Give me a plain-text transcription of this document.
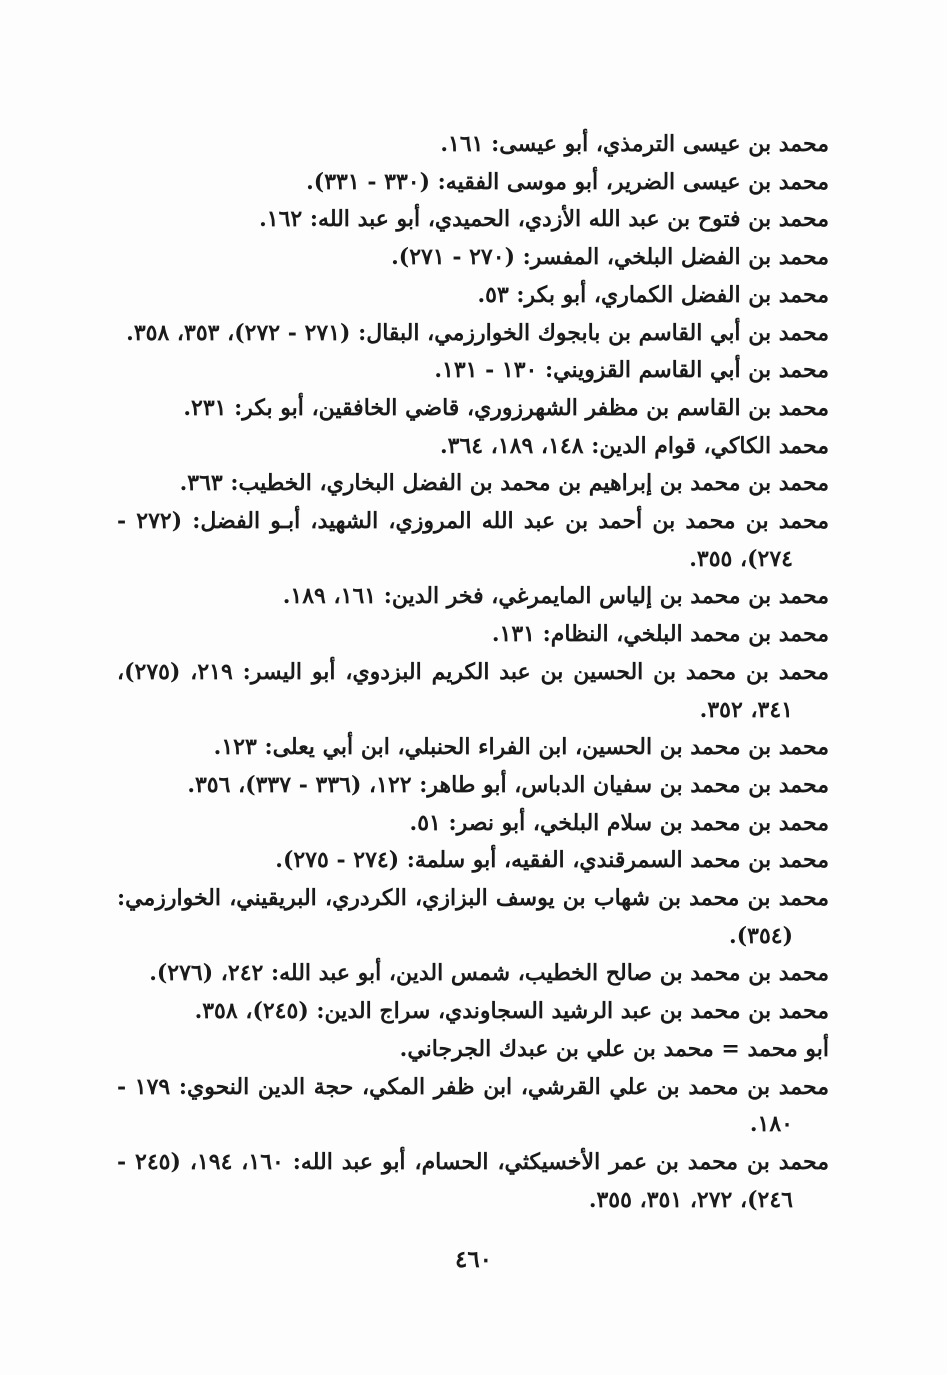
محمد بن عيسى الترمذي، أبو عيسى: ١٦١.

محمد بن عيسى الضرير، أبو موسى الفقيه: (٣٣٠ - ٣٣١).

محمد بن فتوح بن عبد الله الأزدي، الحميدي، أبو عبد الله: ١٦٢.

محمد بن الفضل البلخي، المفسر: (٢٧٠ - ٢٧١).

محمد بن الفضل الكماري، أبو بكر: ٥٣.

محمد بن أبي القاسم بن بابجوك الخوارزمي، البقال: (٢٧١ - ٢٧٢)، ٣٥٣، ٣٥٨.

محمد بن أبي القاسم القزويني: ١٣٠ - ١٣١.

محمد بن القاسم بن مظفر الشهرزوري، قاضي الخافقين، أبو بكر: ٢٣١.

محمد الكاكي، قوام الدين: ١٤٨، ١٨٩، ٣٦٤.

محمد بن محمد بن إبراهيم بن محمد بن الفضل البخاري، الخطيب: ٣٦٣.

محمد بن محمد بن أحمد بن عبد الله المروزي، الشهيد، أبـو الفضل: (٢٧٢ - ٢٧٤)، ٣٥٥.

محمد بن محمد بن إلياس المايمرغي، فخر الدين: ١٦١، ١٨٩.

محمد بن محمد البلخي، النظام: ١٣١.

محمد بن محمد بن الحسين بن عبد الكريم البزدوي، أبو اليسر: ٢١٩، (٢٧٥)، ٣٤١، ٣٥٢.

محمد بن محمد بن الحسين، ابن الفراء الحنبلي، ابن أبي يعلى: ١٢٣.

محمد بن محمد بن سفيان الدباس، أبو طاهر: ١٢٢، (٣٣٦ - ٣٣٧)، ٣٥٦.

محمد بن محمد بن سلام البلخي، أبو نصر: ٥١.

محمد بن محمد السمرقندي، الفقيه، أبو سلمة: (٢٧٤ - ٢٧٥).

محمد بن محمد بن شهاب بن يوسف البزازي، الكردري، البريقيني، الخوارزمي: (٣٥٤).

محمد بن محمد بن صالح الخطيب، شمس الدين، أبو عبد الله: ٢٤٢، (٢٧٦).

محمد بن محمد بن عبد الرشيد السجاوندي، سراج الدين: (٢٤٥)، ٣٥٨.

أبو محمد = محمد بن علي بن عبدك الجرجاني.

محمد بن محمد بن علي القرشي، ابن ظفر المكي، حجة الدين النحوي: ١٧٩ - ١٨٠.

محمد بن محمد بن عمر الأخسيكثي، الحسام، أبو عبد الله: ١٦٠، ١٩٤، (٢٤٥ - ٢٤٦)، ٢٧٢، ٣٥١، ٣٥٥.

٤٦٠
